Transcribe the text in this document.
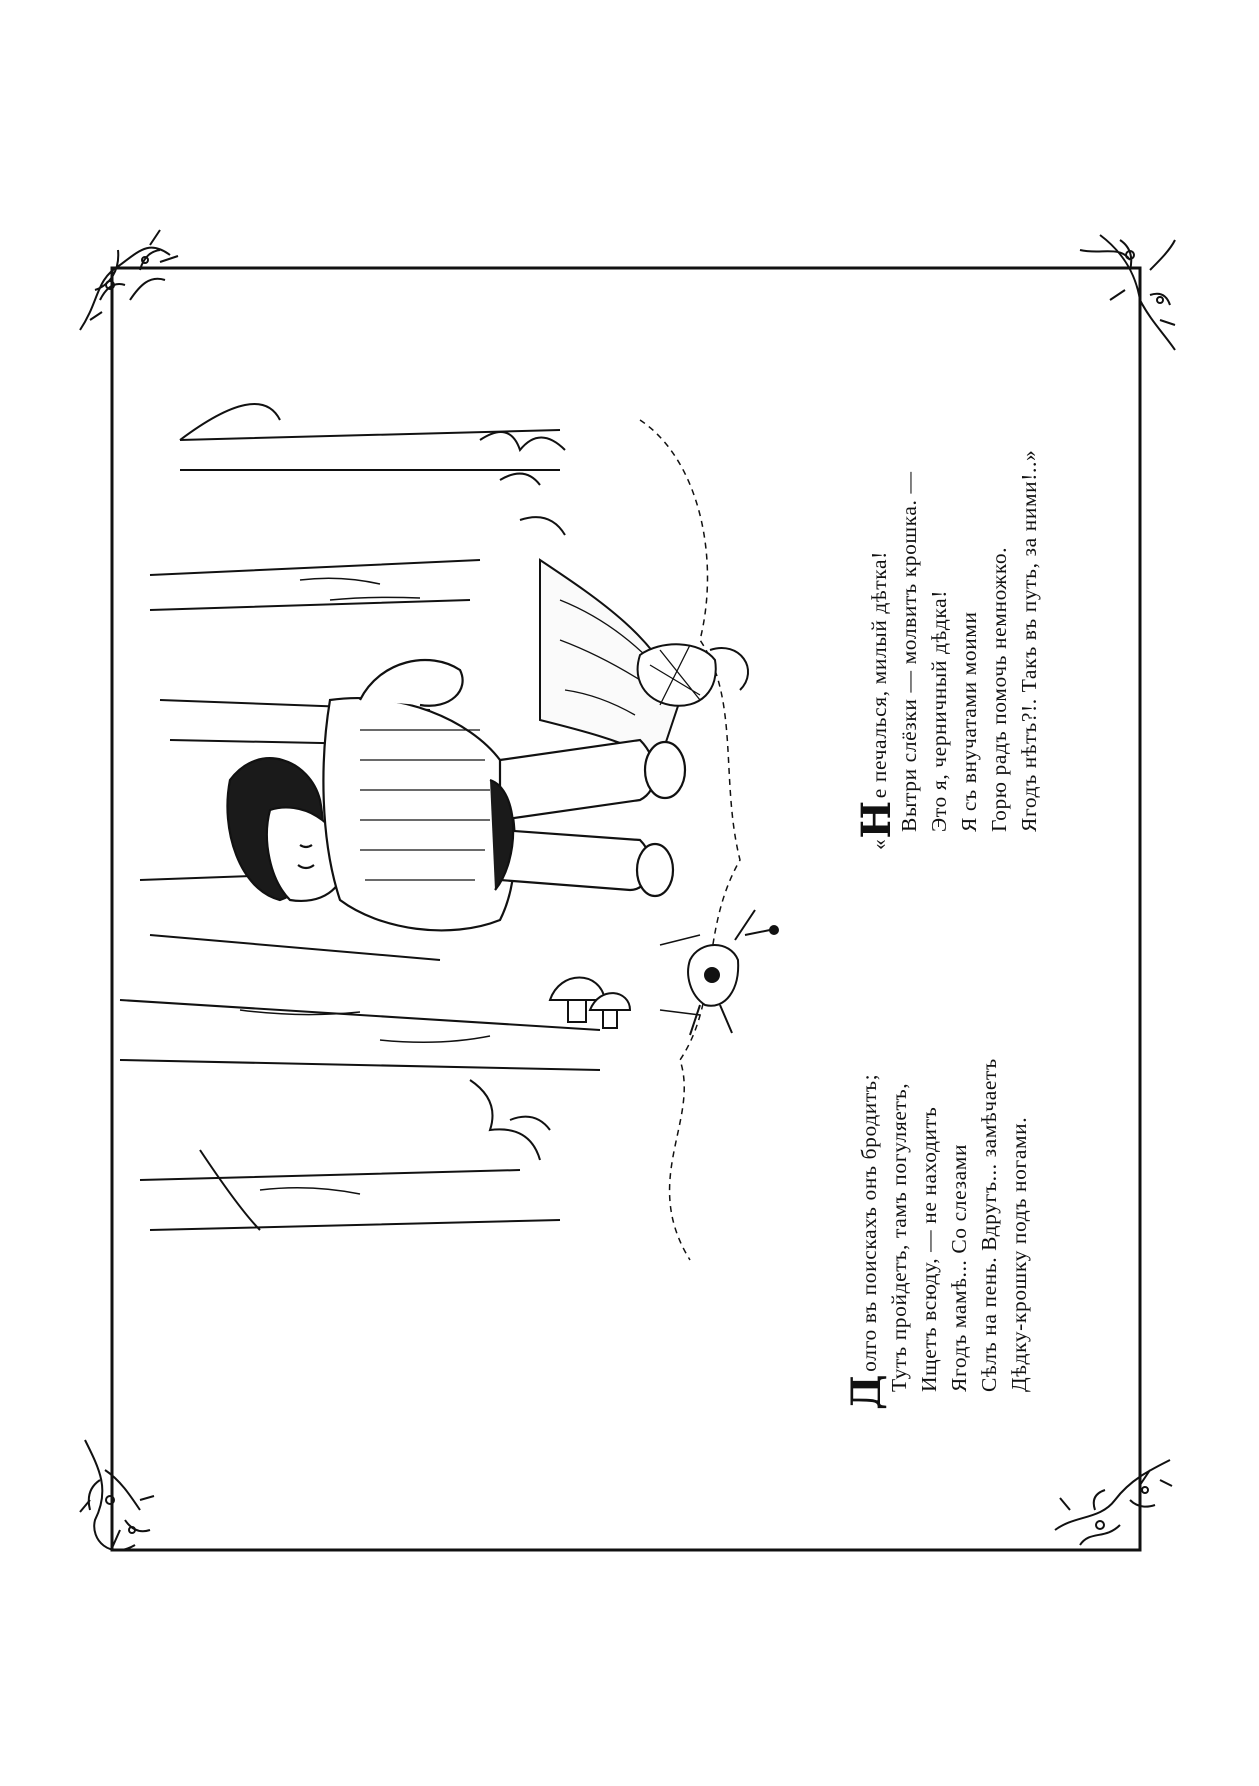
Долго въ поискахъ онъ бродитъ; Тутъ пройдетъ, тамъ погуляетъ, Ищетъ всюду, — не находитъ Ягодъ мамѣ... Со слезами Сѣлъ на пень. Вдругъ... замѣчаетъ Дѣдку-крошку подъ ногами.
«Не печалься, милый дѣтка! Вытри слёзки — молвитъ крошка. — Это я, черничный дѣдка! Я съ внучатами моими Горю радъ помочь немножко. Ягодъ нѣтъ?!. Такъ въ путь, за ними!..»
